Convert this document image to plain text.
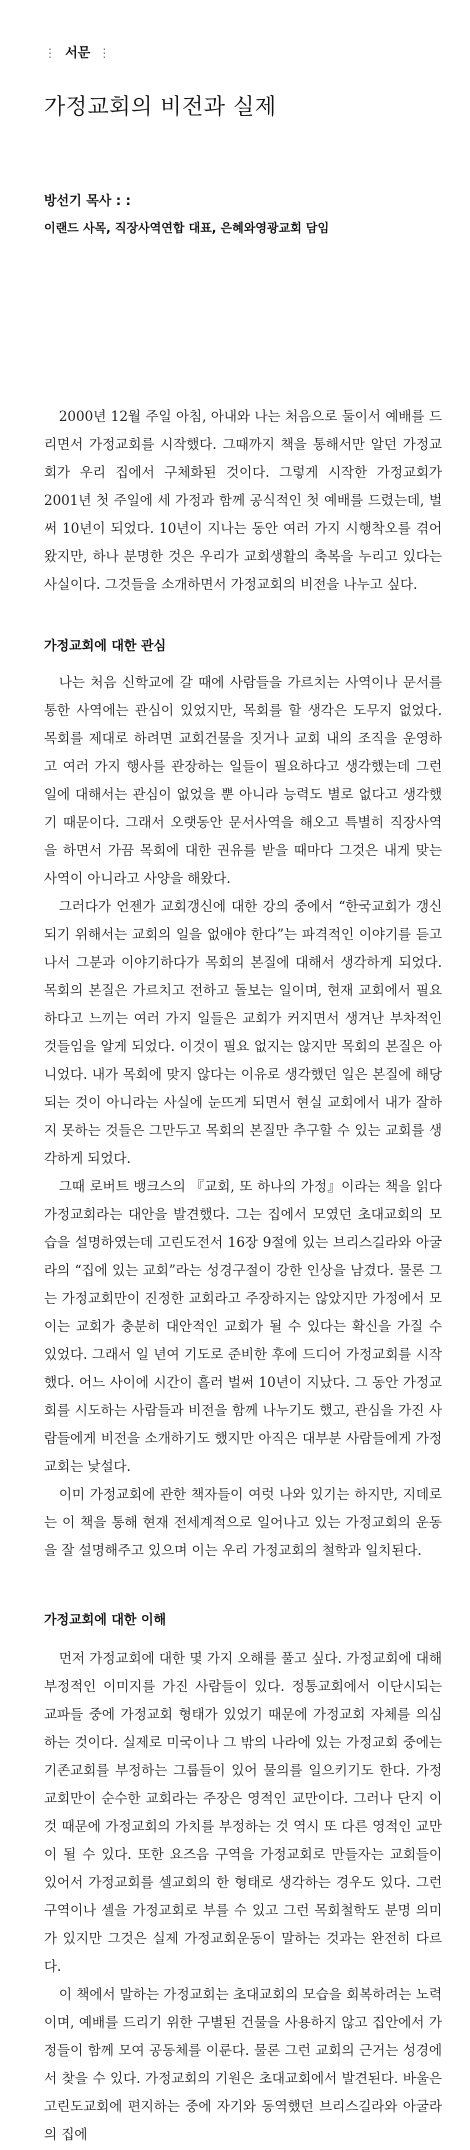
⋮ 서문 ⋮
가정교회의 비전과 실제
방선기 목사 : :
이랜드 사목, 직장사역연합 대표, 은혜와영광교회 담임

2000년 12월 주일 아침, 아내와 나는 처음으로 둘이서 예배를 드리면서 가정교회를 시작했다. 그때까지 책을 통해서만 알던 가정교회가 우리 집에서 구체화된 것이다. 그렇게 시작한 가정교회가 2001년 첫 주일에 세 가정과 함께 공식적인 첫 예배를 드렸는데, 벌써 10년이 되었다. 10년이 지나는 동안 여러 가지 시행착오를 겪어왔지만, 하나 분명한 것은 우리가 교회생활의 축복을 누리고 있다는 사실이다. 그것들을 소개하면서 가정교회의 비전을 나누고 싶다.

가정교회에 대한 관심

나는 처음 신학교에 갈 때에 사람들을 가르치는 사역이나 문서를 통한 사역에는 관심이 있었지만, 목회를 할 생각은 도무지 없었다. 목회를 제대로 하려면 교회건물을 짓거나 교회 내의 조직을 운영하고 여러 가지 행사를 관장하는 일들이 필요하다고 생각했는데 그런 일에 대해서는 관심이 없었을 뿐 아니라 능력도 별로 없다고 생각했기 때문이다. 그래서 오랫동안 문서사역을 해오고 특별히 직장사역을 하면서 가끔 목회에 대한 권유를 받을 때마다 그것은 내게 맞는 사역이 아니라고 사양을 해왔다.

그러다가 언젠가 교회갱신에 대한 강의 중에서 “한국교회가 갱신되기 위해서는 교회의 일을 없애야 한다”는 파격적인 이야기를 듣고 나서 그분과 이야기하다가 목회의 본질에 대해서 생각하게 되었다. 목회의 본질은 가르치고 전하고 돌보는 일이며, 현재 교회에서 필요하다고 느끼는 여러 가지 일들은 교회가 커지면서 생겨난 부차적인 것들임을 알게 되었다. 이것이 필요 없지는 않지만 목회의 본질은 아니었다. 내가 목회에 맞지 않다는 이유로 생각했던 일은 본질에 해당되는 것이 아니라는 사실에 눈뜨게 되면서 현실 교회에서 내가 잘하지 못하는 것들은 그만두고 목회의 본질만 추구할 수 있는 교회를 생각하게 되었다.

그때 로버트 뱅크스의 『교회, 또 하나의 가정』이라는 책을 읽다 가정교회라는 대안을 발견했다. 그는 집에서 모였던 초대교회의 모습을 설명하였는데 고린도전서 16장 9절에 있는 브리스길라와 아굴라의 “집에 있는 교회”라는 성경구절이 강한 인상을 남겼다. 물론 그는 가정교회만이 진정한 교회라고 주장하지는 않았지만 가정에서 모이는 교회가 충분히 대안적인 교회가 될 수 있다는 확신을 가질 수 있었다. 그래서 일 년여 기도로 준비한 후에 드디어 가정교회를 시작했다. 어느 사이에 시간이 흘러 벌써 10년이 지났다. 그 동안 가정교회를 시도하는 사람들과 비전을 함께 나누기도 했고, 관심을 가진 사람들에게 비전을 소개하기도 했지만 아직은 대부분 사람들에게 가정교회는 낯설다.

이미 가정교회에 관한 책자들이 여럿 나와 있기는 하지만, 지데로는 이 책을 통해 현재 전세계적으로 일어나고 있는 가정교회의 운동을 잘 설명해주고 있으며 이는 우리 가정교회의 철학과 일치된다.

가정교회에 대한 이해

먼저 가정교회에 대한 몇 가지 오해를 풀고 싶다. 가정교회에 대해 부정적인 이미지를 가진 사람들이 있다. 정통교회에서 이단시되는 교파들 중에 가정교회 형태가 있었기 때문에 가정교회 자체를 의심하는 것이다. 실제로 미국이나 그 밖의 나라에 있는 가정교회 중에는 기존교회를 부정하는 그룹들이 있어 물의를 일으키기도 한다. 가정교회만이 순수한 교회라는 주장은 영적인 교만이다. 그러나 단지 이것 때문에 가정교회의 가치를 부정하는 것 역시 또 다른 영적인 교만이 될 수 있다. 또한 요즈음 구역을 가정교회로 만들자는 교회들이 있어서 가정교회를 셀교회의 한 형태로 생각하는 경우도 있다. 그런 구역이나 셀을 가정교회로 부를 수 있고 그런 목회철학도 분명 의미가 있지만 그것은 실제 가정교회운동이 말하는 것과는 완전히 다르다.

이 책에서 말하는 가정교회는 초대교회의 모습을 회복하려는 노력이며, 예배를 드리기 위한 구별된 건물을 사용하지 않고 집안에서 가정들이 함께 모여 공동체를 이룬다. 물론 그런 교회의 근거는 성경에서 찾을 수 있다. 가정교회의 기원은 초대교회에서 발견된다. 바울은 고린도교회에 편지하는 중에 자기와 동역했던 브리스길라와 아굴라의 집에
